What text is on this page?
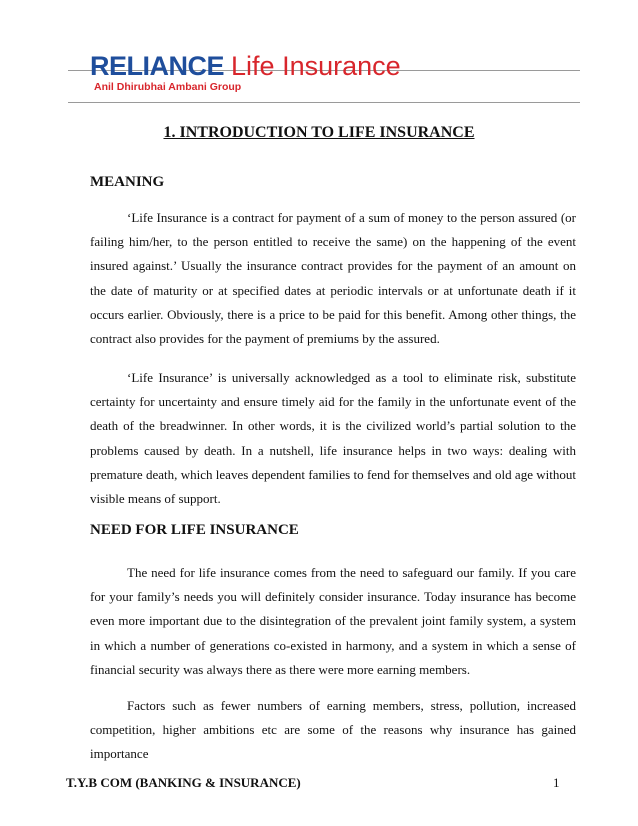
RELIANCE Life Insurance
Anil Dhirubhai Ambani Group
1. INTRODUCTION TO LIFE INSURANCE
MEANING
‘Life Insurance is a contract for payment of a sum of money to the person assured (or failing him/her, to the person entitled to receive the same) on the happening of the event insured against.’ Usually the insurance contract provides for the payment of an amount on the date of maturity or at specified dates at periodic intervals or at unfortunate death if it occurs earlier. Obviously, there is a price to be paid for this benefit. Among other things, the contract also provides for the payment of premiums by the assured.
‘Life Insurance’ is universally acknowledged as a tool to eliminate risk, substitute certainty for uncertainty and ensure timely aid for the family in the unfortunate event of the death of the breadwinner. In other words, it is the civilized world’s partial solution to the problems caused by death. In a nutshell, life insurance helps in two ways: dealing with premature death, which leaves dependent families to fend for themselves and old age without visible means of support.
NEED FOR LIFE INSURANCE
The need for life insurance comes from the need to safeguard our family. If you care for your family’s needs you will definitely consider insurance. Today insurance has become even more important due to the disintegration of the prevalent joint family system, a system in which a number of generations co-existed in harmony, and a system in which a sense of financial security was always there as there were more earning members.
Factors such as fewer numbers of earning members, stress, pollution, increased competition, higher ambitions etc are some of the reasons why insurance has gained importance
T.Y.B COM (BANKING & INSURANCE)	1
